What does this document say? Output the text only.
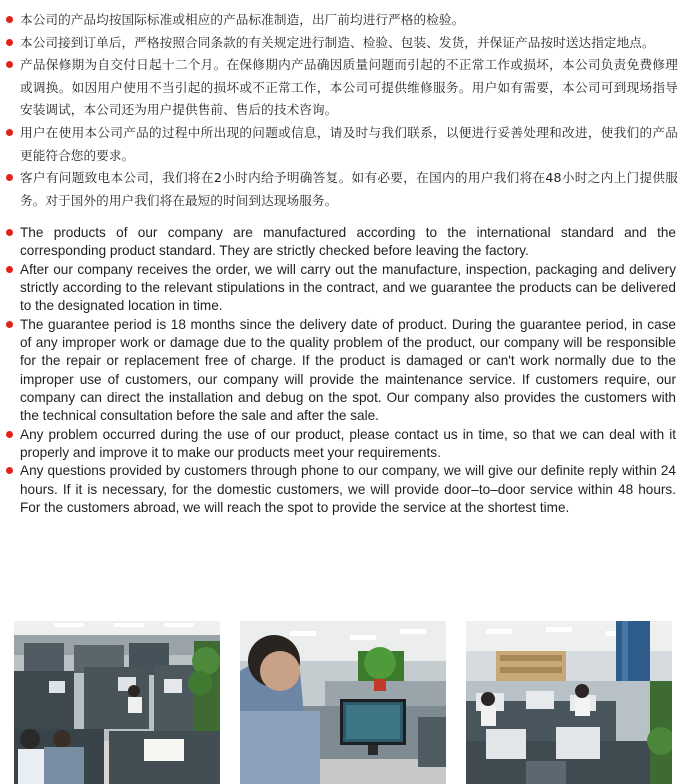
本公司的产品均按国际标准或相应的产品标准制造，出厂前均进行严格的检验。
本公司接到订单后，严格按照合同条款的有关规定进行制造、检验、包装、发货，并保证产品按时送达指定地点。
产品保修期为自交付日起十二个月。在保修期内产品确因质量问题而引起的不正常工作或损坏，本公司负责免费修理或调换。如因用户使用不当引起的损坏或不正常工作，本公司可提供维修服务。用户如有需要，本公司可到现场指导安装调试，本公司还为用户提供售前、售后的技术咨询。
用户在使用本公司产品的过程中所出现的问题或信息，请及时与我们联系，以便进行妥善处理和改进，使我们的产品更能符合您的要求。
客户有问题致电本公司，我们将在2小时内给予明确答复。如有必要，在国内的用户我们将在48小时之内上门提供服务。对于国外的用户我们将在最短的时间到达现场服务。
The products of our company are manufactured according to the international standard and the corresponding product standard. They are strictly checked before leaving the factory.
After our company receives the order, we will carry out the manufacture, inspection, packaging and delivery strictly according to the relevant stipulations in the contract, and we guarantee the products can be delivered to the designated location in time.
The guarantee period is 18 months since the delivery date of product. During the guarantee period, in case of any improper work or damage due to the quality problem of the product, our company will be responsible for the repair or replacement free of charge. If the product is damaged or can't work normally due to the improper use of customers, our company will provide the maintenance service. If customers require, our company can direct the installation and debug on the spot. Our company also provides the customers with the technical consultation before the sale and after the sale.
Any problem occurred during the use of our product, please contact us in time, so that we can deal with it properly and improve it to make our products meet your requirements.
Any questions provided by customers through phone to our company, we will give our definite reply within 24 hours. If it is necessary, for the domestic customers, we will provide door–to–door service within 48 hours. For the customers abroad, we will reach the spot to provide the service at the shortest time.
